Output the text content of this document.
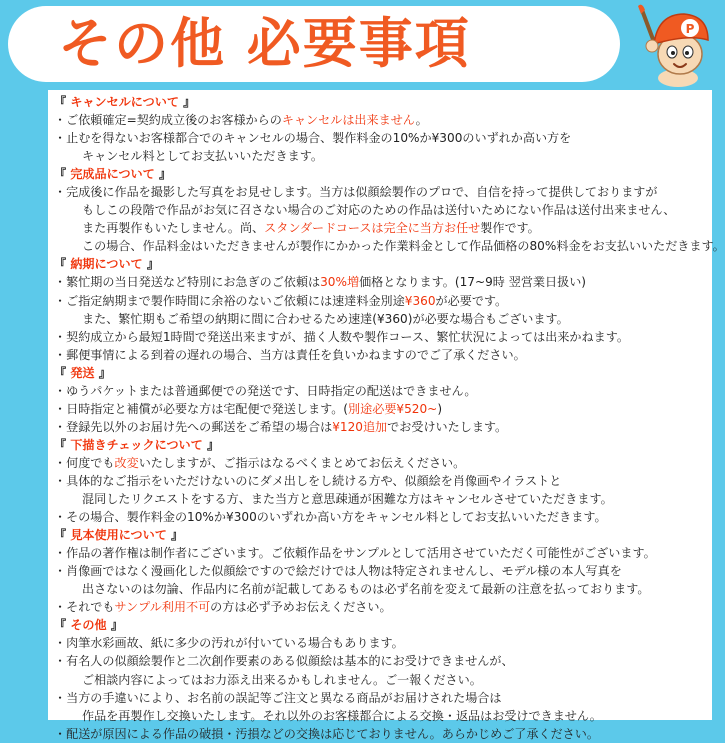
その他 必要事項	P
『 キャンセルについて 』
・ご依頼確定=契約成立後のお客様からのキャンセルは出来ません。
・止むを得ないお客様都合でのキャンセルの場合、製作料金の10%か¥300のいずれか高い方を
キャンセル料としてお支払いいただきます。
『 完成品について 』
・完成後に作品を撮影した写真をお見せします。当方は似顔絵製作のプロで、自信を持って提供しておりますが
もしこの段階で作品がお気に召さない場合のご対応のための作品は送付いためにない作品は送付出来ません、
また再製作もいたしません。尚、スタンダードコースは完全に当方お任せ製作です。
この場合、作品料金はいただきませんが製作にかかった作業料金として作品価格の80%料金をお支払いいただきます。
『 納期について 』
・繁忙期の当日発送など特別にお急ぎのご依頼は30%増価格となります。(17~9時 翌営業日扱い)
・ご指定納期まで製作時間に余裕のないご依頼には速達料金別途¥360が必要です。
また、繁忙期もご希望の納期に間に合わせるため速達(¥360)が必要な場合もございます。
・契約成立から最短1時間で発送出来ますが、描く人数や製作コース、繁忙状況によっては出来かねます。
・郵便事情による到着の遅れの場合、当方は責任を負いかねますのでご了承ください。
『 発送 』
・ゆうパケットまたは普通郵便での発送です、日時指定の配送はできません。
・日時指定と補償が必要な方は宅配便で発送します。(別途必要¥520~)
・登録先以外のお届け先への郵送をご希望の場合は¥120追加でお受けいたします。
『 下描きチェックについて 』
・何度でも改変いたしますが、ご指示はなるべくまとめてお伝えください。
・具体的なご指示をいただけないのにダメ出しをし続ける方や、似顔絵を肖像画やイラストと
混同したリクエストをする方、また当方と意思疎通が困難な方はキャンセルさせていただきます。
・その場合、製作料金の10%か¥300のいずれか高い方をキャンセル料としてお支払いいただきます。
『 見本使用について 』
・作品の著作権は制作者にございます。ご依頼作品をサンプルとして活用させていただく可能性がございます。
・肖像画ではなく漫画化した似顔絵ですので絵だけでは人物は特定されませんし、モデル様の本人写真を
出さないのは勿論、作品内に名前が記載してあるものは必ず名前を変えて最新の注意を払っております。
・それでもサンプル利用不可の方は必ず予めお伝えください。
『 その他 』
・肉筆水彩画故、紙に多少の汚れが付いている場合もあります。
・有名人の似顔絵製作と二次創作要素のある似顔絵は基本的にお受けできませんが、
ご相談内容によってはお力添え出来るかもしれません。ご一報ください。
・当方の手違いにより、お名前の誤記等ご注文と異なる商品がお届けされた場合は
作品を再製作し交換いたします。それ以外のお客様都合による交換・返品はお受けできません。
・配送が原因による作品の破損・汚損などの交換は応じておりません。あらかじめご了承ください。
